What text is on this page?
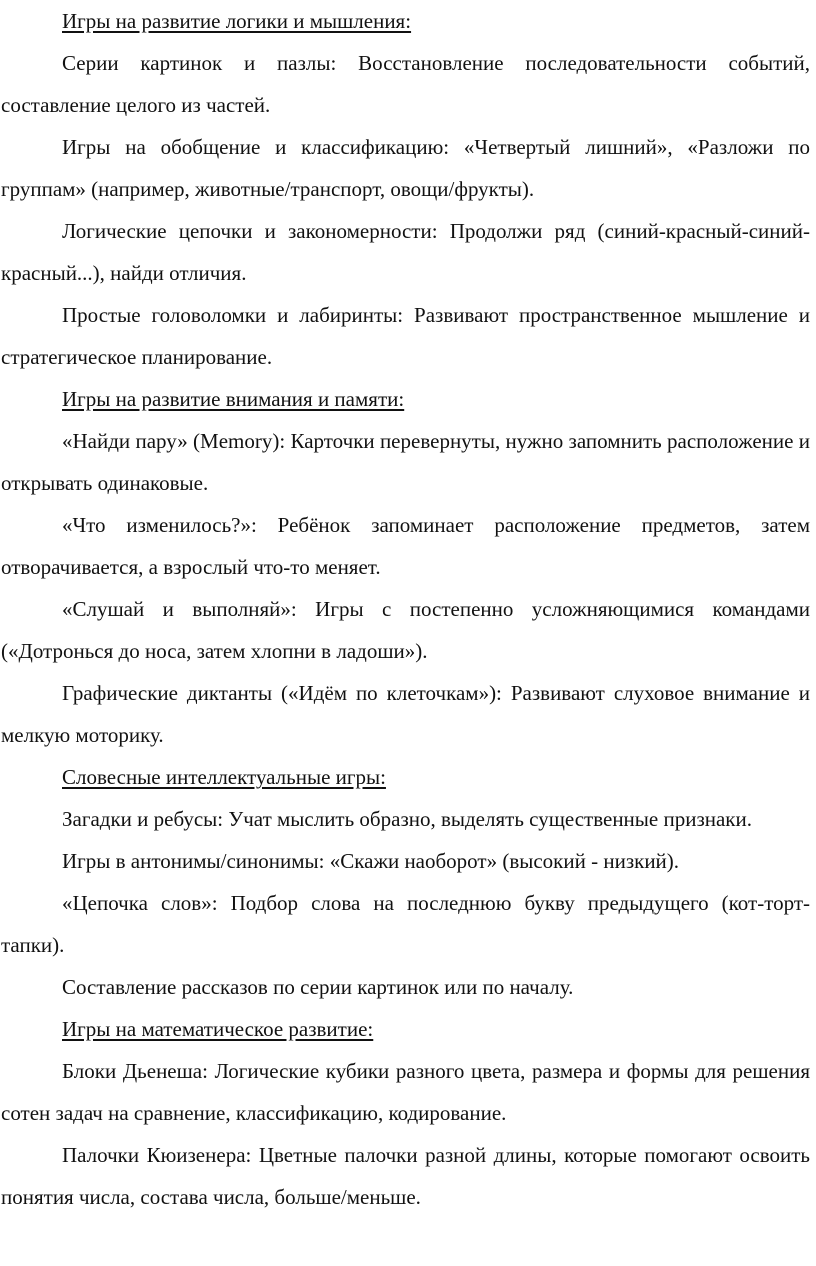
Игры на развитие логики и мышления:

Серии картинок и пазлы: Восстановление последовательности событий, составление целого из частей.

Игры на обобщение и классификацию: «Четвертый лишний», «Разложи по группам» (например, животные/транспорт, овощи/фрукты).

Логические цепочки и закономерности: Продолжи ряд (синий-красный-синий-красный...), найди отличия.

Простые головоломки и лабиринты: Развивают пространственное мышление и стратегическое планирование.

Игры на развитие внимания и памяти:

«Найди пару» (Memory): Карточки перевернуты, нужно запомнить расположение и открывать одинаковые.

«Что изменилось?»: Ребёнок запоминает расположение предметов, затем отворачивается, а взрослый что-то меняет.

«Слушай и выполняй»: Игры с постепенно усложняющимися командами («Дотронься до носа, затем хлопни в ладоши»).

Графические диктанты («Идём по клеточкам»): Развивают слуховое внимание и мелкую моторику.

Словесные интеллектуальные игры:

Загадки и ребусы: Учат мыслить образно, выделять существенные признаки.

Игры в антонимы/синонимы: «Скажи наоборот» (высокий - низкий).

«Цепочка слов»: Подбор слова на последнюю букву предыдущего (кот-торт-тапки).

Составление рассказов по серии картинок или по началу.

Игры на математическое развитие:

Блоки Дьенеша: Логические кубики разного цвета, размера и формы для решения сотен задач на сравнение, классификацию, кодирование.

Палочки Кюизенера: Цветные палочки разной длины, которые помогают освоить понятия числа, состава числа, больше/меньше.
